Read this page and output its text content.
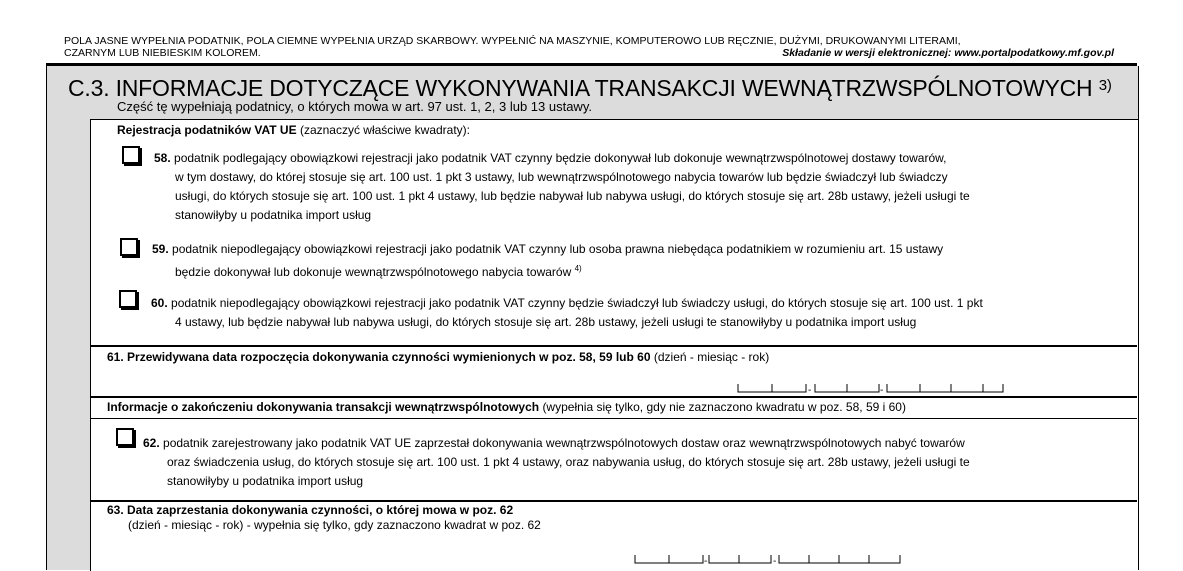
POLA JASNE WYPEŁNIA PODATNIK, POLA CIEMNE WYPEŁNIA URZĄD SKARBOWY. WYPEŁNIĆ NA MASZYNIE, KOMPUTEROWO LUB RĘCZNIE, DUŻYMI, DRUKOWANYMI LITERAMI,
CZARNYM LUB NIEBIESKIM KOLOREM.	Składanie w wersji elektronicznej: www.portalpodatkowy.mf.gov.pl
C.3. INFORMACJE DOTYCZĄCE WYKONYWANIA TRANSAKCJI WEWNĄTRZWSPÓLNOTOWYCH $^{3)}$
Część tę wypełniają podatnicy, o których mowa w art. 97 ust. 1, 2, 3 lub 13 ustawy.
Rejestracja podatników VAT UE (zaznaczyć właściwe kwadraty):
58. podatnik podlegający obowiązkowi rejestracji jako podatnik VAT czynny będzie dokonywał lub dokonuje wewnątrzwspólnotowej dostawy towarów,
w tym dostawy, do której stosuje się art. 100 ust. 1 pkt 3 ustawy, lub wewnątrzwspólnotowego nabycia towarów lub będzie świadczył lub świadczy
usługi, do których stosuje się art. 100 ust. 1 pkt 4 ustawy, lub będzie nabywał lub nabywa usługi, do których stosuje się art. 28b ustawy, jeżeli usługi te
stanowiłyby u podatnika import usług
59. podatnik niepodlegający obowiązkowi rejestracji jako podatnik VAT czynny lub osoba prawna niebędąca podatnikiem w rozumieniu art. 15 ustawy
będzie dokonywał lub dokonuje wewnątrzwspólnotowego nabycia towarów $^{4)}$
60. podatnik niepodlegający obowiązkowi rejestracji jako podatnik VAT czynny będzie świadczył lub świadczy usługi, do których stosuje się art. 100 ust. 1 pkt
4 ustawy, lub będzie nabywał lub nabywa usługi, do których stosuje się art. 28b ustawy, jeżeli usługi te stanowiłyby u podatnika import usług
61. Przewidywana data rozpoczęcia dokonywania czynności wymienionych w poz. 58, 59 lub 60 (dzień - miesiąc - rok)
-	-
Informacje o zakończeniu dokonywania transakcji wewnątrzwspólnotowych (wypełnia się tylko, gdy nie zaznaczono kwadratu w poz. 58, 59 i 60)
62. podatnik zarejestrowany jako podatnik VAT UE zaprzestał dokonywania wewnątrzwspólnotowych dostaw oraz wewnątrzwspólnotowych nabyć towarów
oraz świadczenia usług, do których stosuje się art. 100 ust. 1 pkt 4 ustawy, oraz nabywania usług, do których stosuje się art. 28b ustawy, jeżeli usługi te
stanowiłyby u podatnika import usług
63. Data zaprzestania dokonywania czynności, o której mowa w poz. 62
(dzień - miesiąc - rok) - wypełnia się tylko, gdy zaznaczono kwadrat w poz. 62
-	-
